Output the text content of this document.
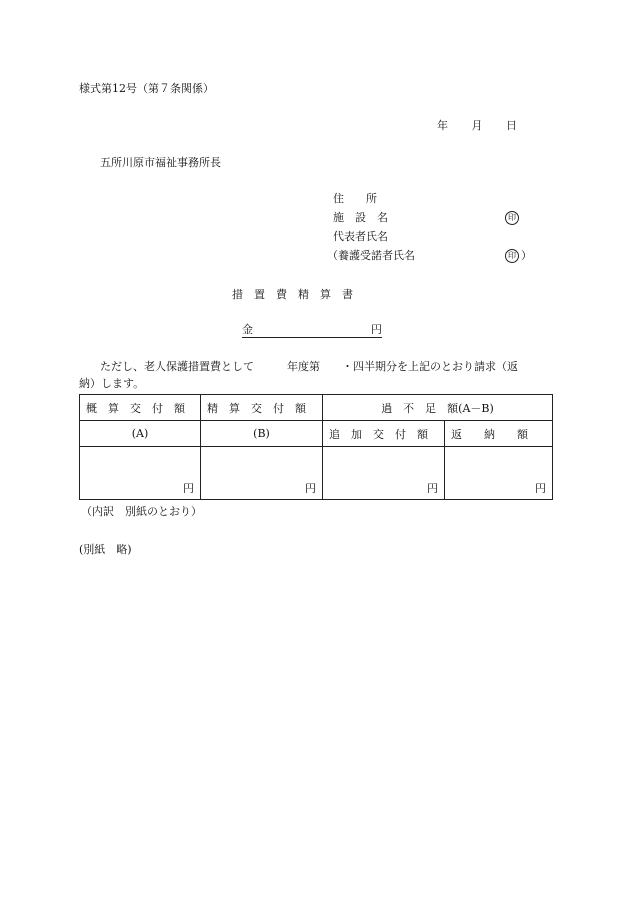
様式第12号（第７条関係）
年 月 日
五所川原市福祉事務所長
住　　所
施　設　名	印
代表者氏名
（養護受諾者氏名	印 ）
措　置　費　精　算　書
金	円
ただし、老人保護措置費として　　　年度第　　・四半期分を上記のとおり請求（返
納）します。
概　算　交　付　額	精　算　交　付　額	過　不　足　額(A－B)	
(A)	(B)	追　加　交　付　額	返　　納　　額

円	円	円	円
（内訳　別紙のとおり）
(別紙　略)
